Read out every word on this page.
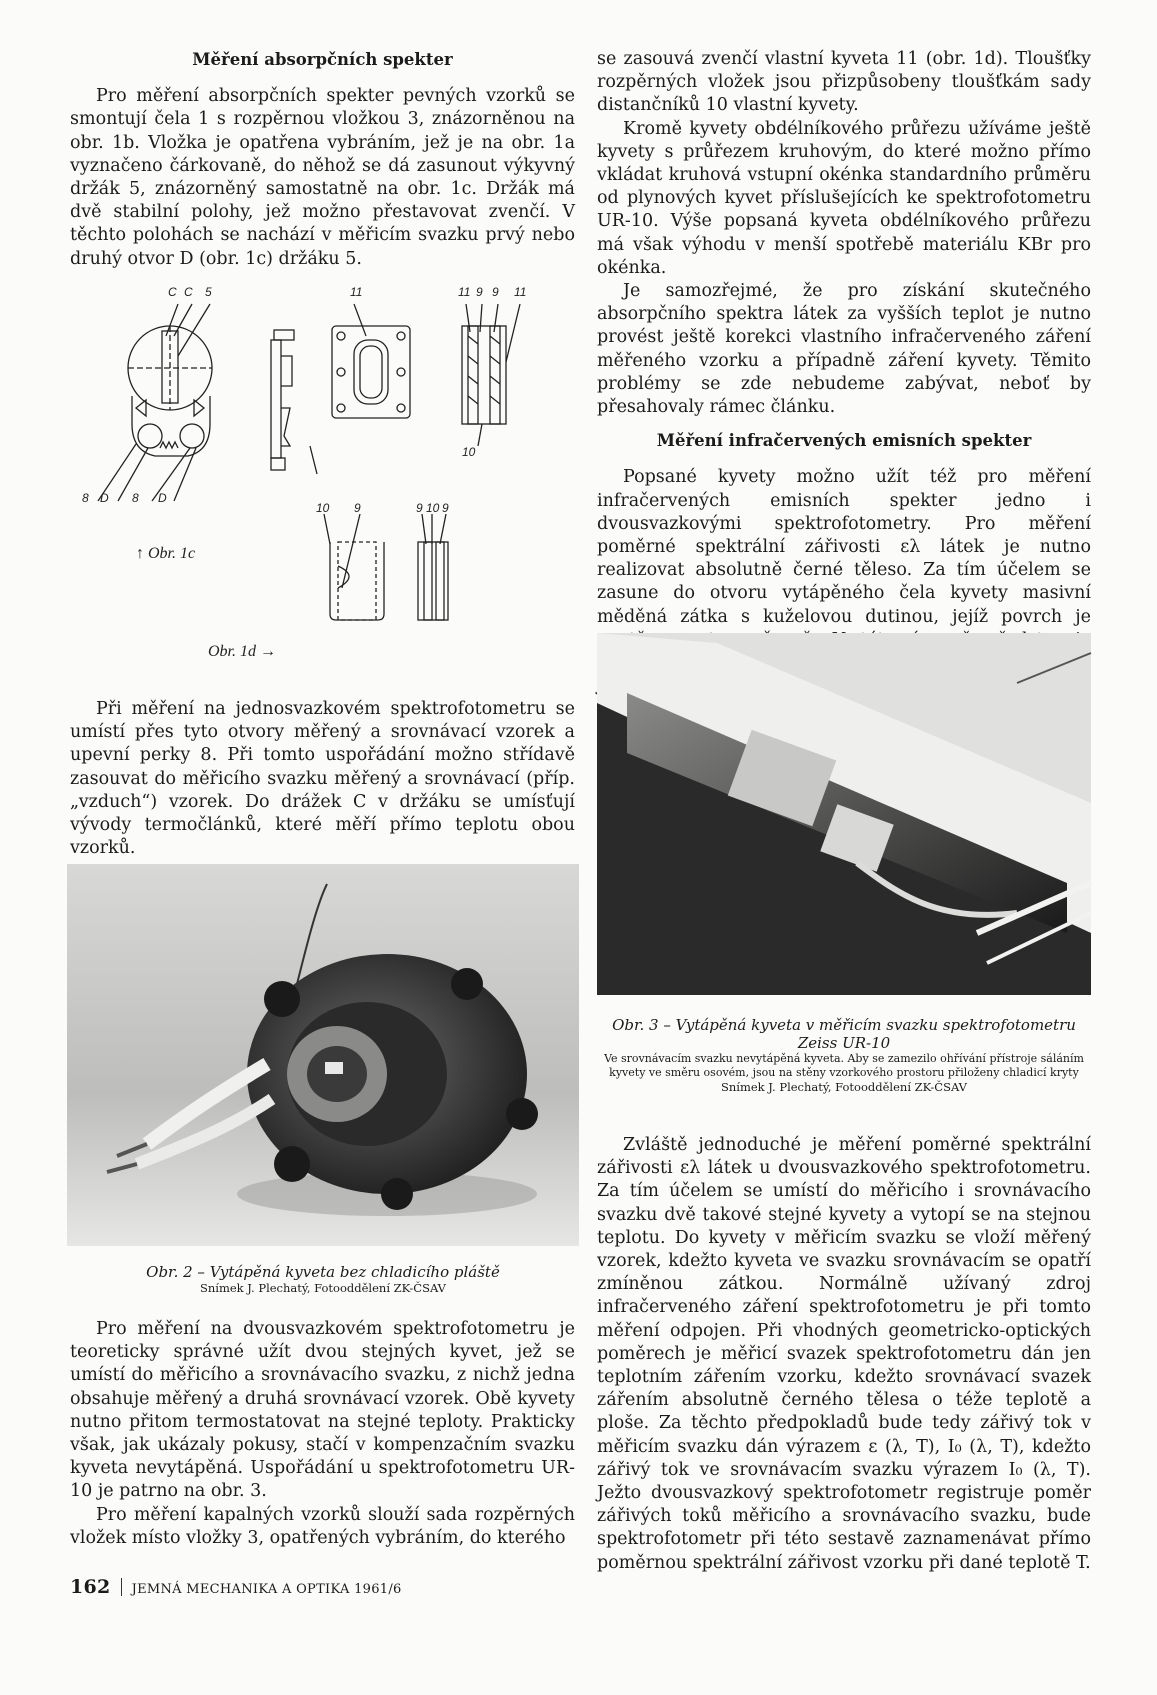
Měření absorpčních spekter

Pro měření absorpčních spekter pevných vzorků se smontují čela 1 s rozpěrnou vložkou 3, znázorněnou na obr. 1b. Vložka je opatřena vybráním, jež je na obr. 1a vyznačeno čárkovaně, do něhož se dá zasunout výkyvný držák 5, znázorněný samostatně na obr. 1c. Držák má dvě stabilní polohy, jež možno přestavovat zvenčí. V těchto polohách se nachází v měřicím svazku prvý nebo druhý otvor D (obr. 1c) držáku 5.

C C 5	11	11 9 9 11
10
8 D 8 D
10 9	9 10 9
↑ Obr. 1c
Obr. 1d →

Při měření na jednosvazkovém spektrofotometru se umístí přes tyto otvory měřený a srovnávací vzorek a upevní perky 8. Při tomto uspořádání možno střídavě zasouvat do měřicího svazku měřený a srovnávací (příp. „vzduch“) vzorek. Do drážek C v držáku se umísťují vývody termočlánků, které měří přímo teplotu obou vzorků.

Obr. 2 – Vytápěná kyveta bez chladicího pláště
Snímek J. Plechatý, Fotooddělení ZK-ČSAV

Pro měření na dvousvazkovém spektrofotometru je teoreticky správné užít dvou stejných kyvet, jež se umístí do měřicího a srovnávacího svazku, z nichž jedna obsahuje měřený a druhá srovnávací vzorek. Obě kyvety nutno přitom termostatovat na stejné teploty. Prakticky však, jak ukázaly pokusy, stačí v kompenzačním svazku kyveta nevytápěná. Uspořádání u spektrofotometru UR-10 je patrno na obr. 3.

Pro měření kapalných vzorků slouží sada rozpěrných vložek místo vložky 3, opatřených vybráním, do kterého

se zasouvá zvenčí vlastní kyveta 11 (obr. 1d). Tloušťky rozpěrných vložek jsou přizpůsobeny tloušťkám sady distančníků 10 vlastní kyvety.

Kromě kyvety obdélníkového průřezu užíváme ještě kyvety s průřezem kruhovým, do které možno přímo vkládat kruhová vstupní okénka standardního průměru od plynových kyvet příslušejících ke spektrofotometru UR-10. Výše popsaná kyveta obdélníkového průřezu má však výhodu v menší spotřebě materiálu KBr pro okénka.

Je samozřejmé, že pro získání skutečného absorpčního spektra látek za vyšších teplot je nutno provést ještě korekci vlastního infračerveného záření měřeného vzorku a případně záření kyvety. Těmito problémy se zde nebudeme zabývat, neboť by přesahovaly rámec článku.

Měření infračervených emisních spekter

Popsané kyvety možno užít též pro měření infračervených emisních spekter jedno i dvousvazkovými spektrofotometry. Pro měření poměrné spektrální zářivosti ελ látek je nutno realizovat absolutně černé těleso. Za tím účelem se zasune do otvoru vytápěného čela kyvety masivní měděná zátka s kuželovou dutinou, jejíž povrch je

Obr. 3 – Vytápěná kyveta v měřicím svazku spektrofotometru Zeiss UR-10
Ve srovnávacím svazku nevytápěná kyveta. Aby se zamezilo ohřívání přístroje sáláním kyvety ve směru osovém, jsou na stěny vzorkového prostoru přiloženy chladicí kryty
Snímek J. Plechatý, Fotooddělení ZK-ČSAV

Zvláště jednoduché je měření poměrné spektrální zářivosti ελ látek u dvousvazkového spektrofotometru. Za tím účelem se umístí do měřicího i srovnávacího svazku dvě takové stejné kyvety a vytopí se na stejnou teplotu. Do kyvety v měřicím svazku se vloží měřený vzorek, kdežto kyveta ve svazku srovnávacím se opatří zmíněnou zátkou. Normálně užívaný zdroj infračerveného záření spektrofotometru je při tomto měření odpojen. Při vhodných geometricko-optických poměrech je měřicí svazek spektrofotometru dán jen teplotním zářením vzorku, kdežto srovnávací svazek zářením absolutně černého tělesa o téže teplotě a ploše. Za těchto předpokladů bude tedy zářivý tok v měřicím svazku dán výrazem ε (λ, T), I₀ (λ, T), kdežto zářivý tok ve srovnávacím svazku výrazem I₀ (λ, T). Ježto dvousvazkový spektrofotometr registruje poměr zářivých toků měřicího a srovnávacího svazku, bude spektrofotometr při této sestavě zaznamenávat přímo poměrnou spektrální zářivost vzorku při dané teplotě T.

162 JEMNÁ MECHANIKA A OPTIKA 1961/6
